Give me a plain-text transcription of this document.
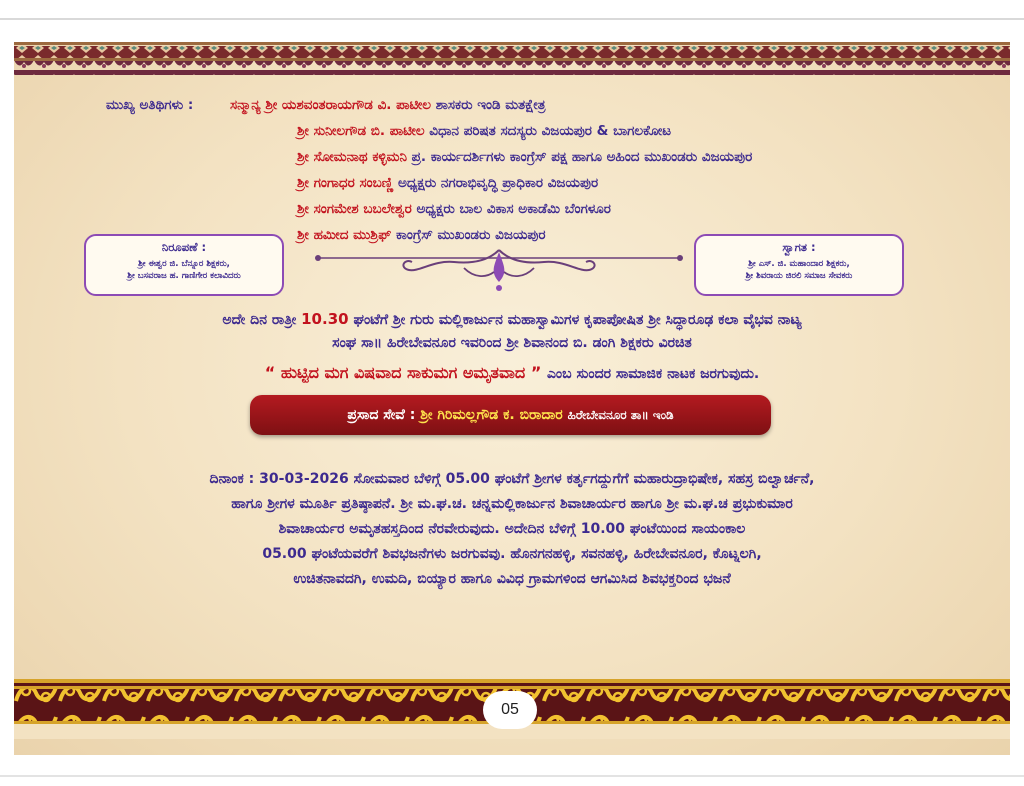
ಮುಖ್ಯ ಅತಿಥಿಗಳು :	ಸನ್ಮಾನ್ಯ ಶ್ರೀ ಯಶವಂತರಾಯಗೌಡ ವಿ. ಪಾಟೀಲ ಶಾಸಕರು ಇಂಡಿ ಮತಕ್ಷೇತ್ರ
ಶ್ರೀ ಸುನೀಲಗೌಡ ಬಿ. ಪಾಟೀಲ ವಿಧಾನ ಪರಿಷತ ಸದಸ್ಯರು ವಿಜಯಪುರ & ಬಾಗಲಕೋಟ
ಶ್ರೀ ಸೋಮನಾಥ ಕಳ್ಳಿಮನಿ ಪ್ರ. ಕಾರ್ಯದರ್ಶಿಗಳು ಕಾಂಗ್ರೆಸ್ ಪಕ್ಷ ಹಾಗೂ ಅಹಿಂದ ಮುಖಂಡರು ವಿಜಯಪುರ
ಶ್ರೀ ಗಂಗಾಧರ ಸಂಬಣ್ಣಿ ಅಧ್ಯಕ್ಷರು ನಗರಾಭಿವೃದ್ಧಿ ಪ್ರಾಧಿಕಾರ ವಿಜಯಪುರ
ಶ್ರೀ ಸಂಗಮೇಶ ಬಬಲೇಶ್ವರ ಅಧ್ಯಕ್ಷರು ಬಾಲ ವಿಕಾಸ ಅಕಾಡೆಮಿ ಬೆಂಗಳೂರ
ಶ್ರೀ ಹಮೀದ ಮುಶ್ರಿಫ್ ಕಾಂಗ್ರೆಸ್ ಮುಖಂಡರು ವಿಜಯಪುರ
ನಿರೂಪಣೆ :
ಶ್ರೀ ಈಶ್ವರ ಜಿ. ಬೆನ್ನೂರ ಶಿಕ್ಷಕರು,
ಶ್ರೀ ಬಸವರಾಜ ಹ. ಗಾಣಿಗೇರ ಕಲಾವಿದರು
ಸ್ವಾಗತ :
ಶ್ರೀ ಎಸ್. ಜಿ. ಮಹಾಂದಾರ ಶಿಕ್ಷಕರು,
ಶ್ರೀ ಶಿವರಾಯ ಜಿರಲಿ ಸಮಾಜ ಸೇವಕರು
ಅದೇ ದಿನ ರಾತ್ರೀ 10.30 ಘಂಟೆಗೆ ಶ್ರೀ ಗುರು ಮಲ್ಲಿಕಾರ್ಜುನ ಮಹಾಸ್ವಾಮಿಗಳ ಕೃಪಾಪೋಷಿತ ಶ್ರೀ ಸಿದ್ಧಾರೂಢ ಕಲಾ ವೈಭವ ನಾಟ್ಯ
ಸಂಘ ಸಾ॥ ಹಿರೇಬೇವನೂರ ಇವರಿಂದ ಶ್ರೀ ಶಿವಾನಂದ ಬಿ. ಡಂಗಿ ಶಿಕ್ಷಕರು ವಿರಚಿತ
“ ಹುಟ್ಟಿದ ಮಗ ವಿಷವಾದ ಸಾಕುಮಗ ಅಮೃತವಾದ ” ಎಂಬ ಸುಂದರ ಸಾಮಾಜಿಕ ನಾಟಕ ಜರಗುವುದು.
ಪ್ರಸಾದ ಸೇವೆ : ಶ್ರೀ ಗಿರಿಮಲ್ಲಗೌಡ ಕ. ಬಿರಾದಾರ ಹಿರೇಬೇವನೂರ ತಾ॥ ಇಂಡಿ
ದಿನಾಂಕ : 30-03-2026 ಸೋಮವಾರ ಬೆಳಿಗ್ಗೆ 05.00 ಘಂಟೆಗೆ ಶ್ರೀಗಳ ಕರ್ತೃಗದ್ದುಗೆಗೆ ಮಹಾರುದ್ರಾಭಿಷೇಕ, ಸಹಸ್ರ ಬಿಲ್ವಾರ್ಚನೆ,
ಹಾಗೂ ಶ್ರೀಗಳ ಮೂರ್ತಿ ಪ್ರತಿಷ್ಠಾಪನೆ. ಶ್ರೀ ಮ.ಘ.ಚ. ಚನ್ನಮಲ್ಲಿಕಾರ್ಜುನ ಶಿವಾಚಾರ್ಯರ ಹಾಗೂ ಶ್ರೀ ಮ.ಘ.ಚ ಪ್ರಭುಕುಮಾರ
ಶಿವಾಚಾರ್ಯರ ಅಮೃತಹಸ್ತದಿಂದ ನೆರವೇರುವುದು. ಅದೇದಿನ ಬೆಳಿಗ್ಗೆ 10.00 ಘಂಟೆಯಿಂದ ಸಾಯಂಕಾಲ
05.00 ಘಂಟೆಯವರೆಗೆ ಶಿವಭಜನೆಗಳು ಜರಗುವವು. ಹೊನಗನಹಳ್ಳಿ, ಸವನಹಳ್ಳಿ, ಹಿರೇಬೇವನೂರ, ಕೊಟ್ನಲಗಿ,
ಉಚಿತನಾವದಗಿ, ಉಮದಿ, ಬಿಯ್ಯಾರ ಹಾಗೂ ವಿವಿಧ ಗ್ರಾಮಗಳಿಂದ ಆಗಮಿಸಿದ ಶಿವಭಕ್ತರಿಂದ ಭಜನೆ
05
